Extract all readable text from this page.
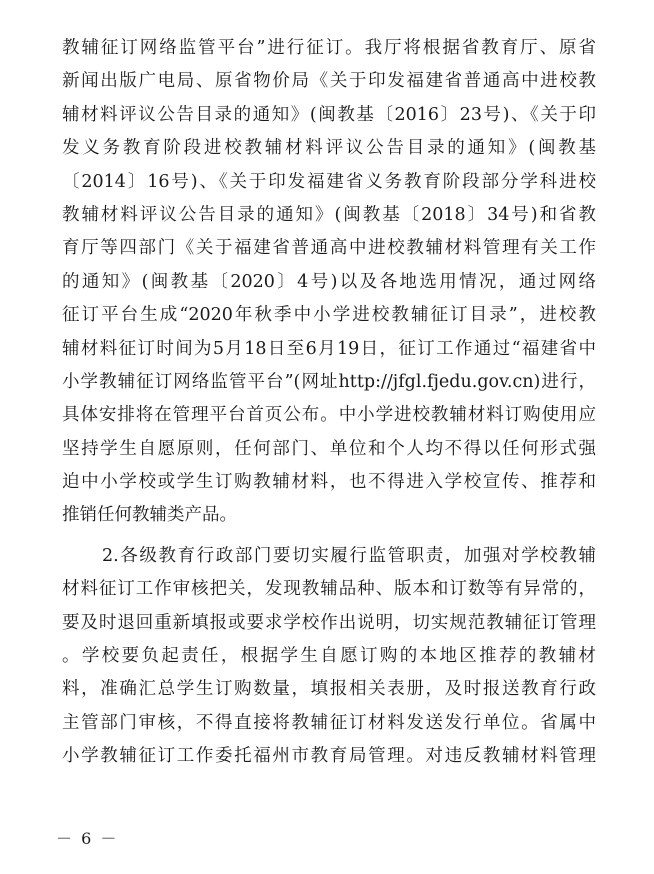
教辅征订网络监管平台”进行征订。我厅将根据省教育厅、原省
新闻出版广电局、原省物价局《关于印发福建省普通高中进校教
辅材料评议公告目录的通知》(闽教基〔2016〕23号)、《关于印
发义务教育阶段进校教辅材料评议公告目录的通知》(闽教基
〔2014〕16号)、《关于印发福建省义务教育阶段部分学科进校
教辅材料评议公告目录的通知》(闽教基〔2018〕34号)和省教
育厅等四部门《关于福建省普通高中进校教辅材料管理有关工作
的通知》(闽教基〔2020〕4号)以及各地选用情况，通过网络
征订平台生成“2020年秋季中小学进校教辅征订目录”，进校教
辅材料征订时间为5月18日至6月19日，征订工作通过“福建省中
小学教辅征订网络监管平台”(网址http://jfgl.fjedu.gov.cn)进行，
具体安排将在管理平台首页公布。中小学进校教辅材料订购使用应
坚持学生自愿原则，任何部门、单位和个人均不得以任何形式强
迫中小学校或学生订购教辅材料，也不得进入学校宣传、推荐和
推销任何教辅类产品。
2.各级教育行政部门要切实履行监管职责，加强对学校教辅
材料征订工作审核把关，发现教辅品种、版本和订数等有异常的，
要及时退回重新填报或要求学校作出说明，切实规范教辅征订管理
。学校要负起责任，根据学生自愿订购的本地区推荐的教辅材
料，准确汇总学生订购数量，填报相关表册，及时报送教育行政
主管部门审核，不得直接将教辅征订材料发送发行单位。省属中
小学教辅征订工作委托福州市教育局管理。对违反教辅材料管理
－ 6 －
